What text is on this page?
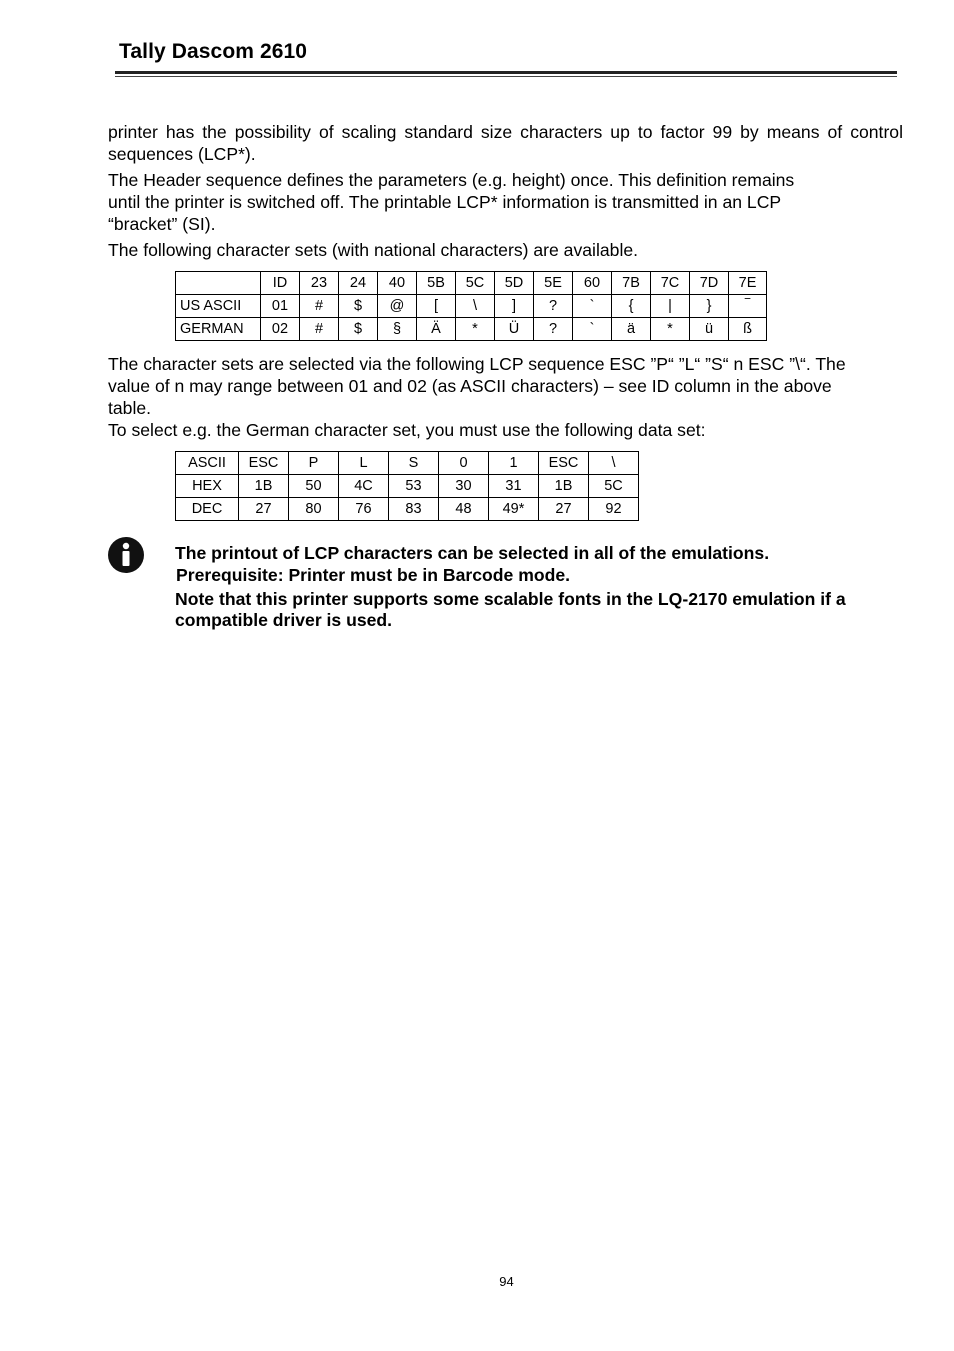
Tally Dascom 2610

printer has the possibility of scaling standard size characters up to factor 99 by means of control sequences (LCP*).

The Header sequence defines the parameters (e.g. height) once. This definition remains
until the printer is switched off. The printable LCP* information is transmitted in an LCP
“bracket” (SI).

The following character sets (with national characters) are available.

	ID	23	24	40	5B	5C	5D	5E	60	7B	7C	7D	7E
US ASCII	01	#	$	@	[	\	]	?	`	{	|	}	‾
GERMAN	02	#	$	§	Ä	*	Ü	?	`	ä	*	ü	ß
The character sets are selected via the following LCP sequence ESC ”P“ ”L“ ”S“ n ESC ”\“. The
value of n may range between 01 and 02 (as ASCII characters) – see ID column in the above
table.

To select e.g. the German character set, you must use the following data set:

ASCII	ESC	P	L	S	0	1	ESC	\
HEX	1B	50	4C	53	30	31	1B	5C
DEC	27	80	76	83	48	49*	27	92
The printout of LCP characters can be selected in all of the emulations.
Prerequisite: Printer must be in Barcode mode.
Note that this printer supports some scalable fonts in the LQ-2170 emulation if a
compatible driver is used.
94
